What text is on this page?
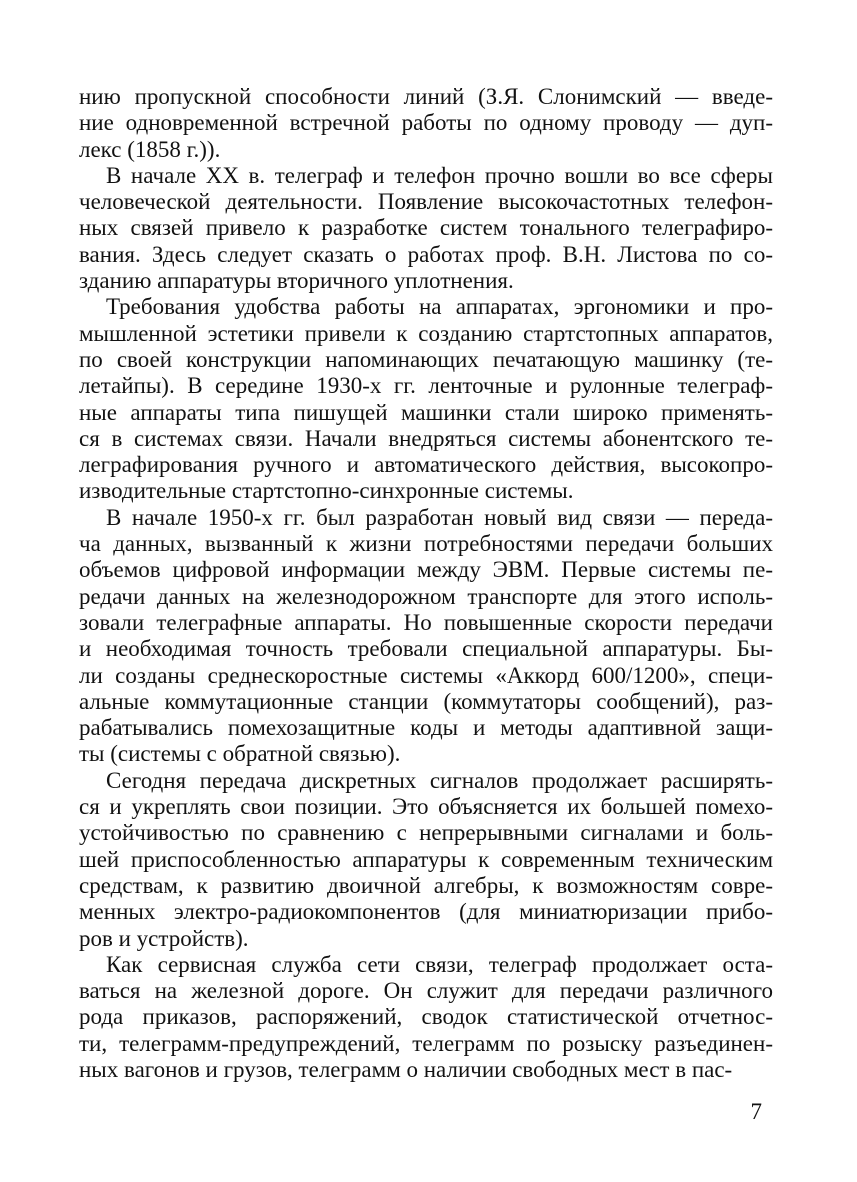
нию пропускной способности линий (З.Я. Слонимский — введе-
ние одновременной встречной работы по одному проводу — дуп-
лекс (1858 г.)).

В начале XX в. телеграф и телефон прочно вошли во все сферы
человеческой деятельности. Появление высокочастотных телефон-
ных связей привело к разработке систем тонального телеграфиро-
вания. Здесь следует сказать о работах проф. В.Н. Листова по со-
зданию аппаратуры вторичного уплотнения.

Требования удобства работы на аппаратах, эргономики и про-
мышленной эстетики привели к созданию стартстопных аппаратов,
по своей конструкции напоминающих печатающую машинку (те-
летайпы). В середине 1930-х гг. ленточные и рулонные телеграф-
ные аппараты типа пишущей машинки стали широко применять-
ся в системах связи. Начали внедряться системы абонентского те-
леграфирования ручного и автоматического действия, высокопро-
изводительные стартстопно-синхронные системы.

В начале 1950-х гг. был разработан новый вид связи — переда-
ча данных, вызванный к жизни потребностями передачи больших
объемов цифровой информации между ЭВМ. Первые системы пе-
редачи данных на железнодорожном транспорте для этого исполь-
зовали телеграфные аппараты. Но повышенные скорости передачи
и необходимая точность требовали специальной аппаратуры. Бы-
ли созданы среднескоростные системы «Аккорд 600/1200», специ-
альные коммутационные станции (коммутаторы сообщений), раз-
рабатывались помехозащитные коды и методы адаптивной защи-
ты (системы с обратной связью).

Сегодня передача дискретных сигналов продолжает расширять-
ся и укреплять свои позиции. Это объясняется их большей помехо-
устойчивостью по сравнению с непрерывными сигналами и боль-
шей приспособленностью аппаратуры к современным техническим
средствам, к развитию двоичной алгебры, к возможностям совре-
менных электро-радиокомпонентов (для миниатюризации прибо-
ров и устройств).

Как сервисная служба сети связи, телеграф продолжает оста-
ваться на железной дороге. Он служит для передачи различного
рода приказов, распоряжений, сводок статистической отчетнос-
ти, телеграмм-предупреждений, телеграмм по розыску разъединен-
ных вагонов и грузов, телеграмм о наличии свободных мест в пас-

7
